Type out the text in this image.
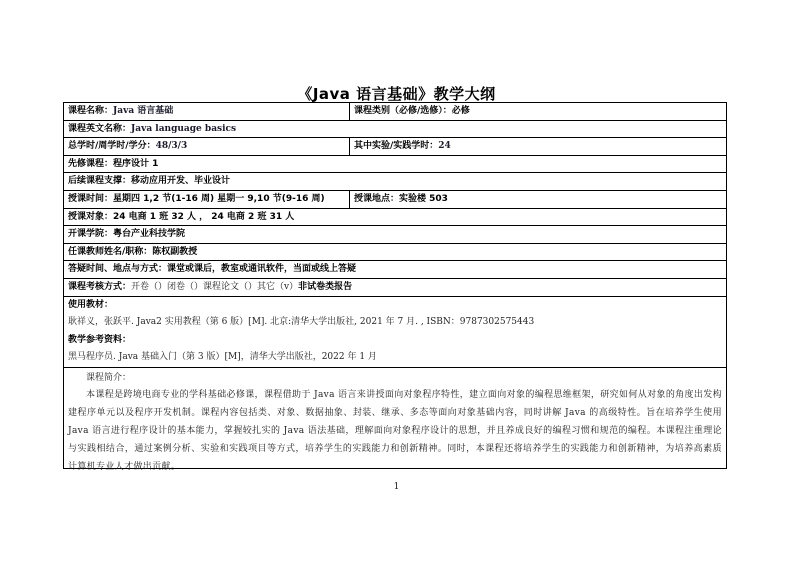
《Java 语言基础》教学大纲
课程名称：Java 语言基础	课程类别（必修/选修）：必修
课程英文名称：Java language basics
总学时/周学时/学分：48/3/3	其中实验/实践学时：24
先修课程：程序设计 1
后续课程支撑：移动应用开发、毕业设计
授课时间：星期四 1,2 节(1-16 周) 星期一 9,10 节(9-16 周)	授课地点：实验楼 503
授课对象：24 电商 1 班 32 人 ， 24 电商 2 班 31 人
开课学院：粤台产业科技学院
任课教师姓名/职称：陈权副教授
答疑时间、地点与方式：课堂或课后，教室或通讯软件，当面或线上答疑
课程考核方式：开卷（）闭卷（）课程论文（）其它（v）非试卷类报告
使用教材：
耿祥义，张跃平. Java2 实用教程（第 6 版）[M]. 北京:清华大学出版社, 2021 年 7 月. , ISBN：9787302575443
教学参考资料：
黑马程序员. Java 基础入门（第 3 版）[M]，清华大学出版社，2022 年 1 月
课程简介：
本课程是跨境电商专业的学科基础必修课，课程借助于 Java 语言来讲授面向对象程序特性，建立面向对象的编程思维框架，研究如何从对象的角度出发构建程序单元以及程序开发机制。课程内容包括类、对象、数据抽象、封装、继承、多态等面向对象基础内容，同时讲解 Java 的高级特性。旨在培养学生使用 Java 语言进行程序设计的基本能力，掌握较扎实的 Java 语法基础，理解面向对象程序设计的思想，并且养成良好的编程习惯和规范的编程。本课程注重理论与实践相结合，通过案例分析、实验和实践项目等方式，培养学生的实践能力和创新精神。同时，本课程还将培养学生的实践能力和创新精神，为培养高素质计算机专业人才做出贡献。
1
